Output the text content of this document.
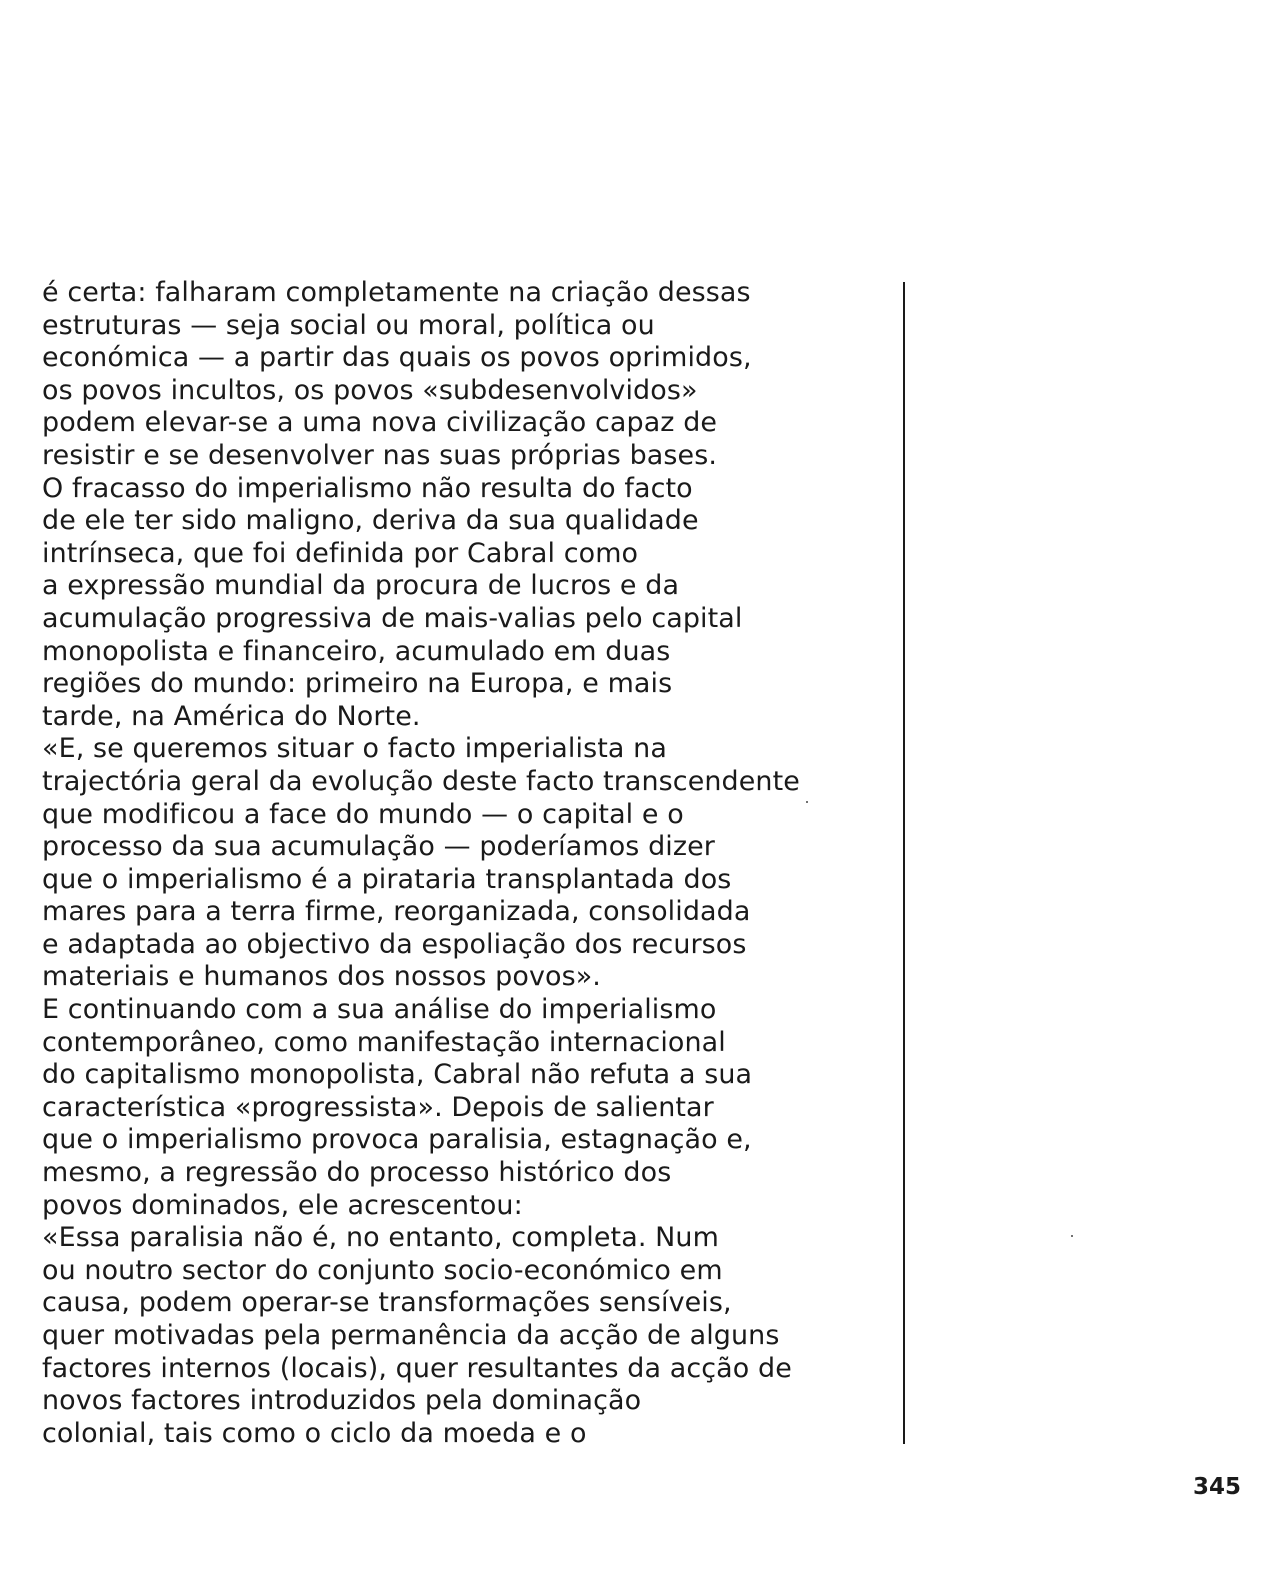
é certa: falharam completamente na criação dessas
estruturas — seja social ou moral, política ou
económica — a partir das quais os povos oprimidos,
os povos incultos, os povos «subdesenvolvidos»
podem elevar-se a uma nova civilização capaz de
resistir e se desenvolver nas suas próprias bases.
O fracasso do imperialismo não resulta do facto
de ele ter sido maligno, deriva da sua qualidade
intrínseca, que foi definida por Cabral como
a expressão mundial da procura de lucros e da
acumulação progressiva de mais-valias pelo capital
monopolista e financeiro, acumulado em duas
regiões do mundo: primeiro na Europa, e mais
tarde, na América do Norte.
«E, se queremos situar o facto imperialista na
trajectória geral da evolução deste facto transcendente
que modificou a face do mundo — o capital e o
processo da sua acumulação — poderíamos dizer
que o imperialismo é a pirataria transplantada dos
mares para a terra firme, reorganizada, consolidada
e adaptada ao objectivo da espoliação dos recursos
materiais e humanos dos nossos povos».
E continuando com a sua análise do imperialismo
contemporâneo, como manifestação internacional
do capitalismo monopolista, Cabral não refuta a sua
característica «progressista». Depois de salientar
que o imperialismo provoca paralisia, estagnação e,
mesmo, a regressão do processo histórico dos
povos dominados, ele acrescentou:
«Essa paralisia não é, no entanto, completa. Num
ou noutro sector do conjunto socio-económico em
causa, podem operar-se transformações sensíveis,
quer motivadas pela permanência da acção de alguns
factores internos (locais), quer resultantes da acção de
novos factores introduzidos pela dominação
colonial, tais como o ciclo da moeda e o
345
